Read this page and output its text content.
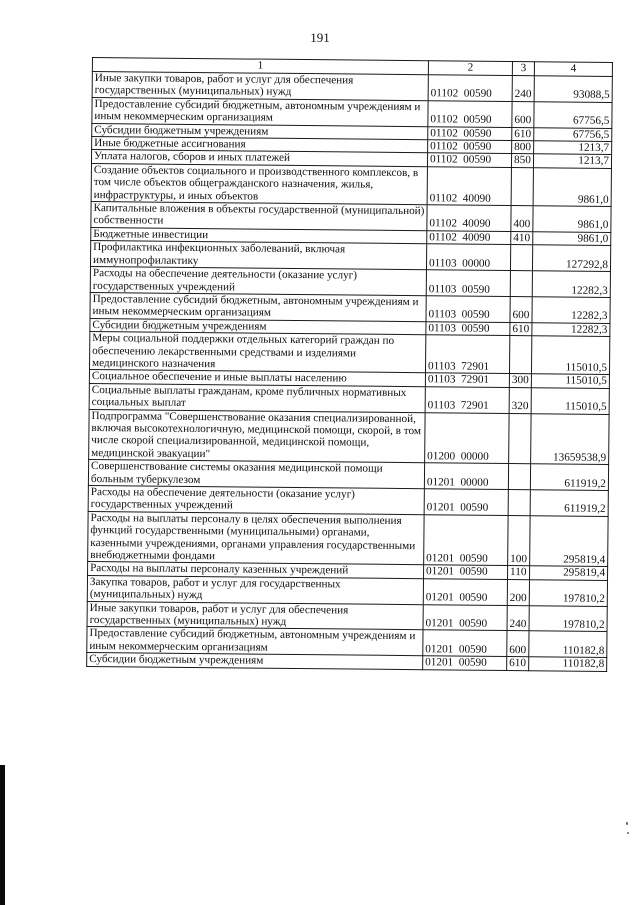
191
1	2	3	4
Иные закупки товаров, работ и услуг для обеспечения государственных (муниципальных) нужд	01102  00590	240	93088,5
Предоставление субсидий бюджетным, автономным учреждениям и иным некоммерческим организациям	01102  00590	600	67756,5
Субсидии бюджетным учреждениям	01102  00590	610	67756,5
Иные бюджетные ассигнования	01102  00590	800	1213,7
Уплата налогов, сборов и иных платежей	01102  00590	850	1213,7
Создание объектов социального и производственного комплексов, в том числе объектов общегражданского назначения, жилья, инфраструктуры, и иных объектов	01102  40090		9861,0
Капитальные вложения в объекты государственной (муниципальной) собственности	01102  40090	400	9861,0
Бюджетные инвестиции	01102  40090	410	9861,0
Профилактика инфекционных заболеваний, включая иммунопрофилактику	01103  00000		127292,8
Расходы на обеспечение деятельности (оказание услуг) государственных учреждений	01103  00590		12282,3
Предоставление субсидий бюджетным, автономным учреждениям и иным некоммерческим организациям	01103  00590	600	12282,3
Субсидии бюджетным учреждениям	01103  00590	610	12282,3
Меры социальной поддержки отдельных категорий граждан по обеспечению лекарственными средствами и изделиями медицинского назначения	01103  72901		115010,5
Социальное обеспечение и иные выплаты населению	01103  72901	300	115010,5
Социальные выплаты гражданам, кроме публичных нормативных социальных выплат	01103  72901	320	115010,5
Подпрограмма "Совершенствование оказания специализированной, включая высокотехнологичную, медицинской помощи, скорой, в том числе скорой специализированной, медицинской помощи, медицинской эвакуации"	01200  00000		13659538,9
Совершенствование системы оказания медицинской помощи больным туберкулезом	01201  00000		611919,2
Расходы на обеспечение деятельности (оказание услуг) государственных учреждений	01201  00590		611919,2
Расходы на выплаты персоналу в целях обеспечения выполнения функций государственными (муниципальными) органами, казенными учреждениями, органами управления государственными внебюджетными фондами	01201  00590	100	295819,4
Расходы на выплаты персоналу казенных учреждений	01201  00590	110	295819,4
Закупка товаров, работ и услуг для государственных (муниципальных) нужд	01201  00590	200	197810,2
Иные закупки товаров, работ и услуг для обеспечения государственных (муниципальных) нужд	01201  00590	240	197810,2
Предоставление субсидий бюджетным, автономным учреждениям и иным некоммерческим организациям	01201  00590	600	110182,8
Субсидии бюджетным учреждениям	01201  00590	610	110182,8
